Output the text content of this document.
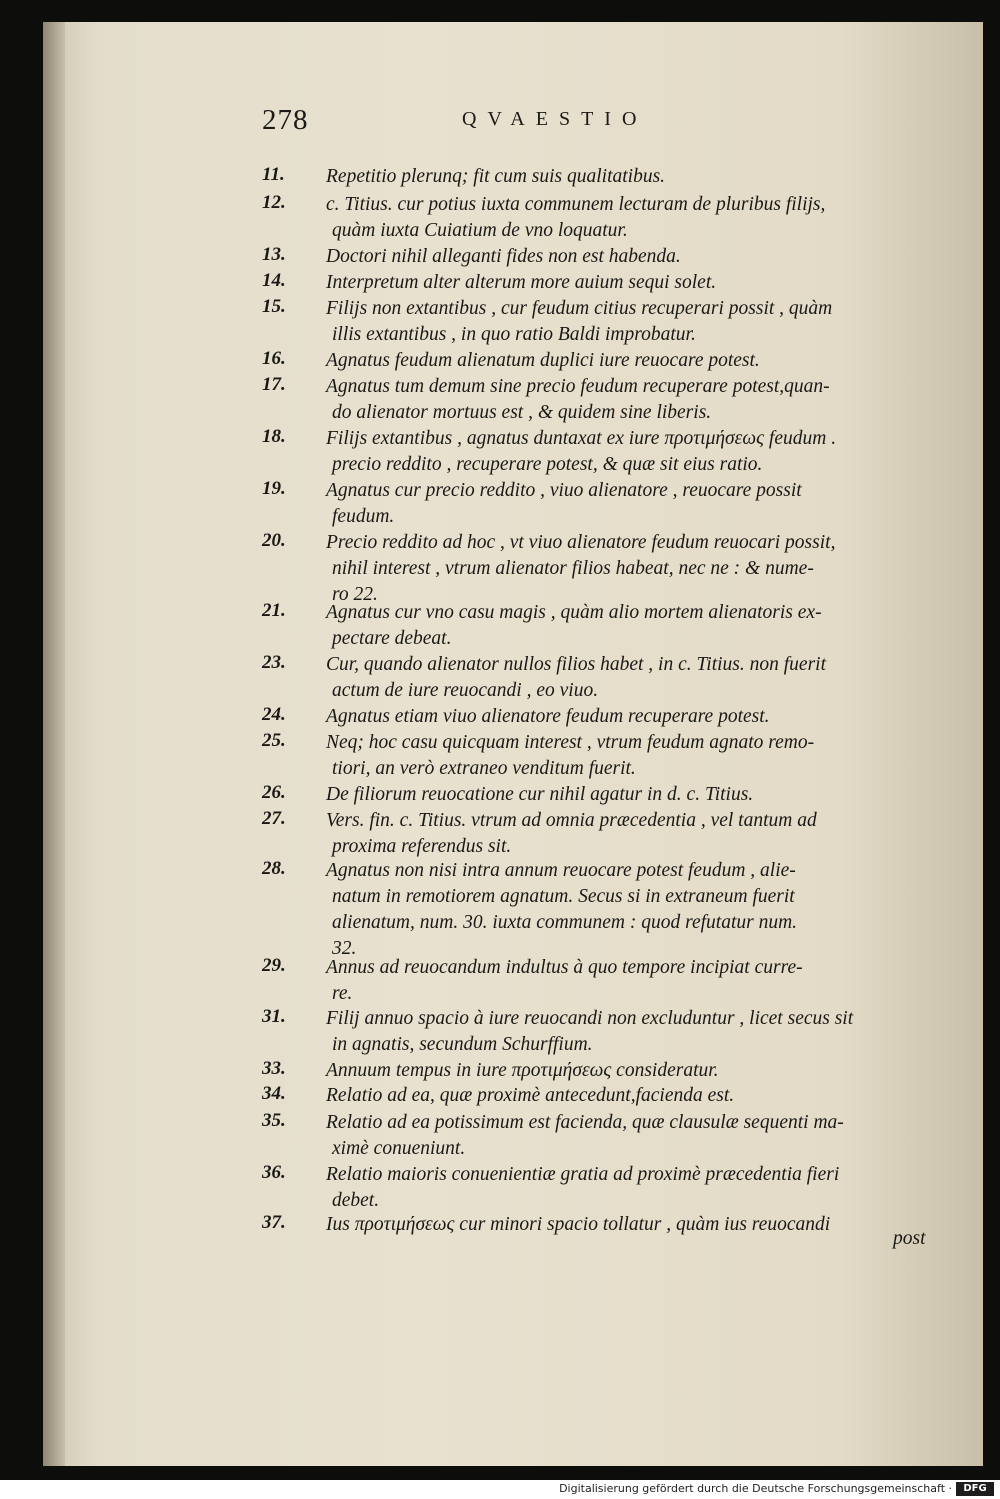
11.	Repetitio plerunq; fit cum suis qualitatibus.
12.	c. Titius. cur potius iuxta communem lecturam de pluribus filijs,
quàm iuxta Cuiatium de vno loquatur.
13.	Doctori nihil alleganti fides non est habenda.
14.	Interpretum alter alterum more auium sequi solet.
15.	Filijs non extantibus , cur feudum citius recuperari possit , quàm
illis extantibus , in quo ratio Baldi improbatur.
16.	Agnatus feudum alienatum duplici iure reuocare potest.
17.	Agnatus tum demum sine precio feudum recuperare potest,quan-
do alienator mortuus est , & quidem sine liberis.
18.	Filijs extantibus , agnatus duntaxat ex iure προτιμήσεως feudum .
precio reddito , recuperare potest, & quæ sit eius ratio.
19.	Agnatus cur precio reddito , viuo alienatore , reuocare possit
feudum.
20.	Precio reddito ad hoc , vt viuo alienatore feudum reuocari possit,
nihil interest , vtrum alienator filios habeat, nec ne : & nume-
ro 22.
21.	Agnatus cur vno casu magis , quàm alio mortem alienatoris ex-
pectare debeat.
23.	Cur, quando alienator nullos filios habet , in c. Titius. non fuerit
actum de iure reuocandi , eo viuo.
24.	Agnatus etiam viuo alienatore feudum recuperare potest.
25.	Neq; hoc casu quicquam interest , vtrum feudum agnato remo-
tiori, an verò extraneo venditum fuerit.
26.	De filiorum reuocatione cur nihil agatur in d. c. Titius.
27.	Vers. fin. c. Titius. vtrum ad omnia præcedentia , vel tantum ad
proxima referendus sit.
28.	Agnatus non nisi intra annum reuocare potest feudum , alie-
natum in remotiorem agnatum. Secus si in extraneum fuerit
alienatum, num. 30. iuxta communem : quod refutatur num.
32.
29.	Annus ad reuocandum indultus à quo tempore incipiat curre-
re.
31.	Filij annuo spacio à iure reuocandi non excluduntur , licet secus sit
in agnatis, secundum Schurffium.
33.	Annuum tempus in iure προτιμήσεως consideratur.
34.	Relatio ad ea, quæ proximè antecedunt,facienda est.
35.	Relatio ad ea potissimum est facienda, quæ clausulæ sequenti ma-
ximè conueniunt.
36.	Relatio maioris conuenientiæ gratia ad proximè præcedentia fieri
debet.
37.	Ius προτιμήσεως cur minori spacio tollatur , quàm ius reuocandi
278	QVAESTIO
post
Digitalisierung gefördert durch die Deutsche Forschungsgemeinschaft ·	DFG
